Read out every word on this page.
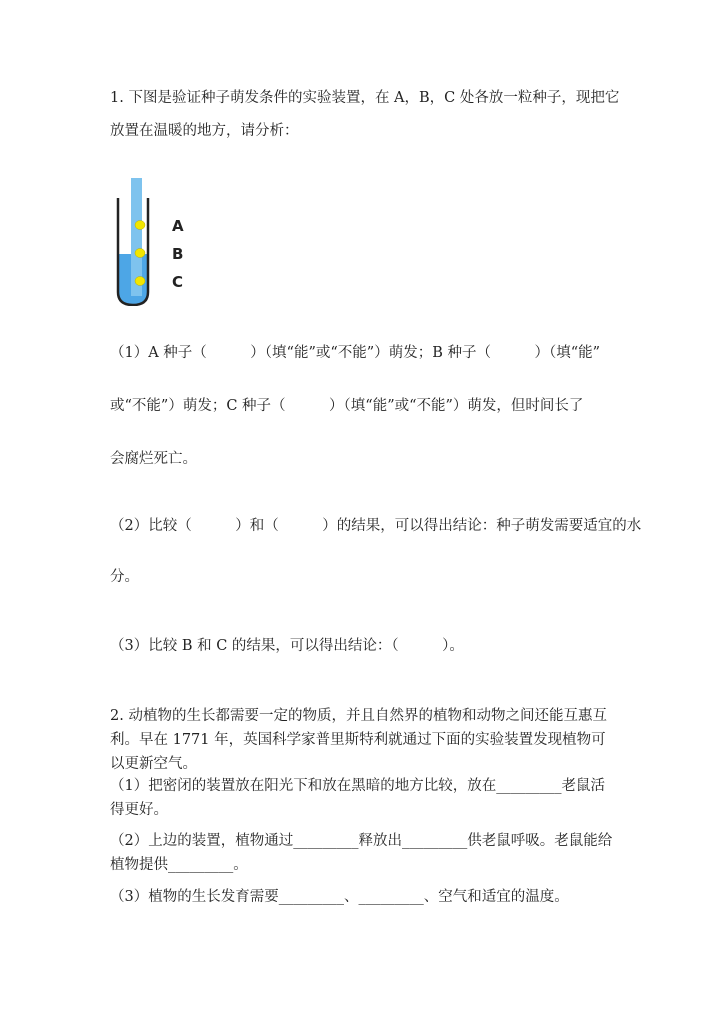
1. 下图是验证种子萌发条件的实验装置，在 A，B，C 处各放一粒种子，现把它
放置在温暖的地方，请分析：
A
B
C
（1）A 种子（　　　）（填“能”或“不能”）萌发；B 种子（　　　）（填“能”
或“不能”）萌发；C 种子（　　　）（填“能”或“不能”）萌发，但时间长了
会腐烂死亡。
（2）比较（　　　）和（　　　）的结果，可以得出结论：种子萌发需要适宜的水
分。
（3）比较 B 和 C 的结果，可以得出结论：（　　　）。
2. 动植物的生长都需要一定的物质，并且自然界的植物和动物之间还能互惠互利。早在 1771 年，英国科学家普里斯特利就通过下面的实验装置发现植物可以更新空气。
（1）把密闭的装置放在阳光下和放在黑暗的地方比较，放在_________老鼠活得更好。
（2）上边的装置，植物通过_________释放出_________供老鼠呼吸。老鼠能给植物提供_________。
（3）植物的生长发育需要_________、_________、空气和适宜的温度。
